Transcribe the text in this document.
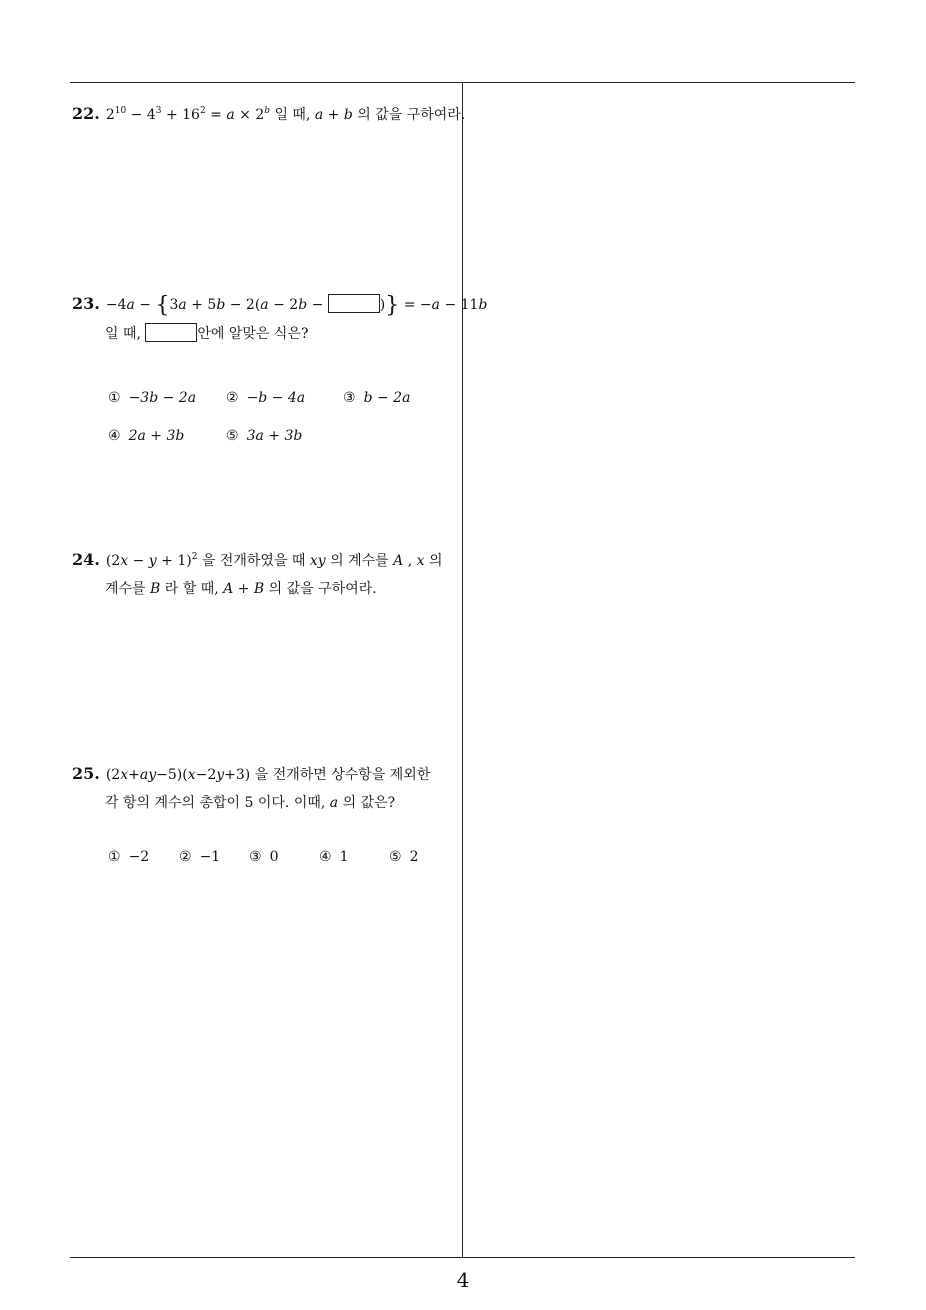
22. $2^{10} - 4^3 + 16^2 = a \times 2^b$ 일 때, a + b 의 값을 구하여라.
23. −4a − {3a + 5b − 2(a − 2b −	)} = −a − 11b
일 때,	안에 알맞은 식은?
① −3b − 2a ② −b − 4a	③ b − 2a
④ 2a + 3b	⑤ 3a + 3b
24. $(2x - y + 1)^2$ 을 전개하였을 때 xy 의 계수를 A , x 의
계수를 B 라 할 때, A + B 의 값을 구하여라.
25. (2x+ay−5)(x−2y+3) 을 전개하면 상수항을 제외한
각 항의 계수의 총합이 5 이다. 이때, a 의 값은?
① −2 ② −1 ③ 0	④ 1	⑤ 2
4
